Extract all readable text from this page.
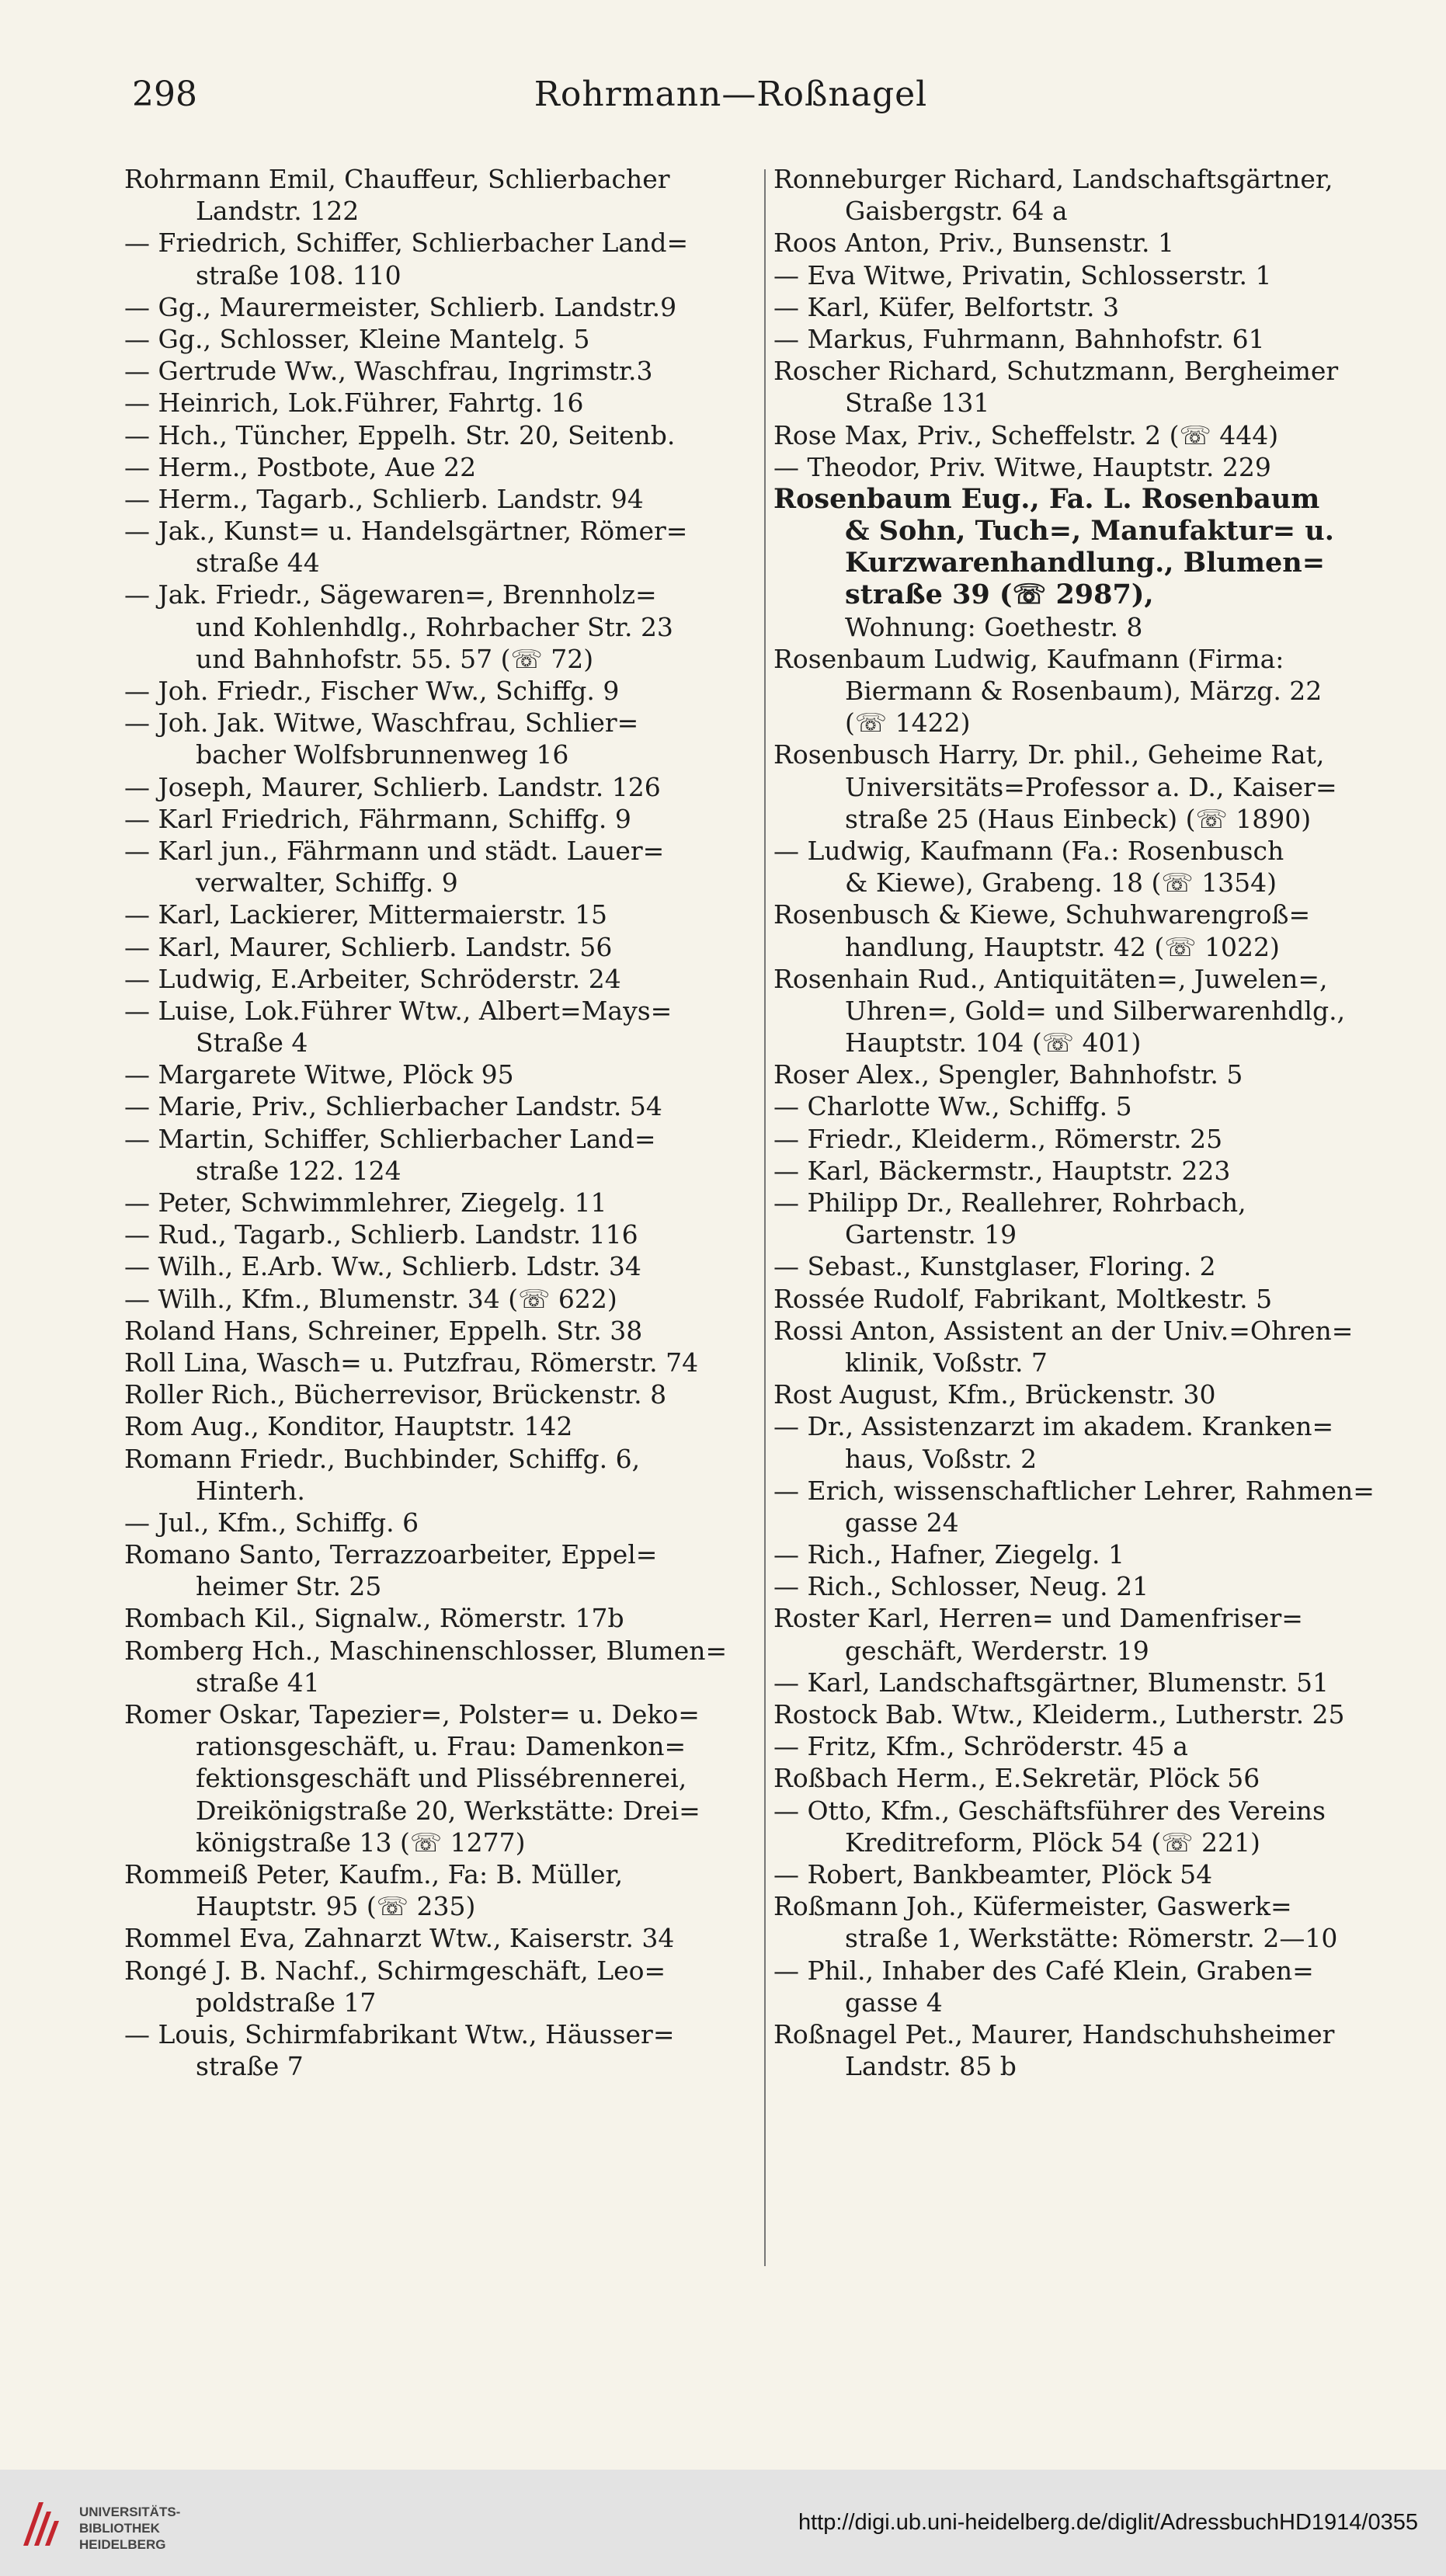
298	Rohrmann—Roßnagel
Rohrmann Emil, Chauffeur, Schlierbacher
Landstr. 122
— Friedrich, Schiffer, Schlierbacher Land=
straße 108. 110
— Gg., Maurermeister, Schlierb. Landstr.9
— Gg., Schlosser, Kleine Mantelg. 5
— Gertrude Ww., Waschfrau, Ingrimstr.3
— Heinrich, Lok.Führer, Fahrtg. 16
— Hch., Tüncher, Eppelh. Str. 20, Seitenb.
— Herm., Postbote, Aue 22
— Herm., Tagarb., Schlierb. Landstr. 94
— Jak., Kunst= u. Handelsgärtner, Römer=
straße 44
— Jak. Friedr., Sägewaren=, Brennholz=
und Kohlenhdlg., Rohrbacher Str. 23
und Bahnhofstr. 55. 57 (☏ 72)
— Joh. Friedr., Fischer Ww., Schiffg. 9
— Joh. Jak. Witwe, Waschfrau, Schlier=
bacher Wolfsbrunnenweg 16
— Joseph, Maurer, Schlierb. Landstr. 126
— Karl Friedrich, Fährmann, Schiffg. 9
— Karl jun., Fährmann und städt. Lauer=
verwalter, Schiffg. 9
— Karl, Lackierer, Mittermaierstr. 15
— Karl, Maurer, Schlierb. Landstr. 56
— Ludwig, E.Arbeiter, Schröderstr. 24
— Luise, Lok.Führer Wtw., Albert=Mays=
Straße 4
— Margarete Witwe, Plöck 95
— Marie, Priv., Schlierbacher Landstr. 54
— Martin, Schiffer, Schlierbacher Land=
straße 122. 124
— Peter, Schwimmlehrer, Ziegelg. 11
— Rud., Tagarb., Schlierb. Landstr. 116
— Wilh., E.Arb. Ww., Schlierb. Ldstr. 34
— Wilh., Kfm., Blumenstr. 34 (☏ 622)
Roland Hans, Schreiner, Eppelh. Str. 38
Roll Lina, Wasch= u. Putzfrau, Römerstr. 74
Roller Rich., Bücherrevisor, Brückenstr. 8
Rom Aug., Konditor, Hauptstr. 142
Romann Friedr., Buchbinder, Schiffg. 6,
Hinterh.
— Jul., Kfm., Schiffg. 6
Romano Santo, Terrazzoarbeiter, Eppel=
heimer Str. 25
Rombach Kil., Signalw., Römerstr. 17b
Romberg Hch., Maschinenschlosser, Blumen=
straße 41
Romer Oskar, Tapezier=, Polster= u. Deko=
rationsgeschäft, u. Frau: Damenkon=
fektionsgeschäft und Plissébrennerei,
Dreikönigstraße 20, Werkstätte: Drei=
königstraße 13 (☏ 1277)
Rommeiß Peter, Kaufm., Fa: B. Müller,
Hauptstr. 95 (☏ 235)
Rommel Eva, Zahnarzt Wtw., Kaiserstr. 34
Rongé J. B. Nachf., Schirmgeschäft, Leo=
poldstraße 17
— Louis, Schirmfabrikant Wtw., Häusser=
straße 7
Ronneburger Richard, Landschaftsgärtner,
Gaisbergstr. 64 a
Roos Anton, Priv., Bunsenstr. 1
— Eva Witwe, Privatin, Schlosserstr. 1
— Karl, Küfer, Belfortstr. 3
— Markus, Fuhrmann, Bahnhofstr. 61
Roscher Richard, Schutzmann, Bergheimer
Straße 131
Rose Max, Priv., Scheffelstr. 2 (☏ 444)
— Theodor, Priv. Witwe, Hauptstr. 229
Rosenbaum Eug., Fa. L. Rosenbaum
& Sohn, Tuch=, Manufaktur= u.
Kurzwarenhandlung., Blumen=
straße 39 (☏ 2987),
Wohnung: Goethestr. 8
Rosenbaum Ludwig, Kaufmann (Firma:
Biermann & Rosenbaum), Märzg. 22
(☏ 1422)
Rosenbusch Harry, Dr. phil., Geheime Rat,
Universitäts=Professor a. D., Kaiser=
straße 25 (Haus Einbeck) (☏ 1890)
— Ludwig, Kaufmann (Fa.: Rosenbusch
& Kiewe), Grabeng. 18 (☏ 1354)
Rosenbusch & Kiewe, Schuhwarengroß=
handlung, Hauptstr. 42 (☏ 1022)
Rosenhain Rud., Antiquitäten=, Juwelen=,
Uhren=, Gold= und Silberwarenhdlg.,
Hauptstr. 104 (☏ 401)
Roser Alex., Spengler, Bahnhofstr. 5
— Charlotte Ww., Schiffg. 5
— Friedr., Kleiderm., Römerstr. 25
— Karl, Bäckermstr., Hauptstr. 223
— Philipp Dr., Reallehrer, Rohrbach,
Gartenstr. 19
— Sebast., Kunstglaser, Floring. 2
Rossée Rudolf, Fabrikant, Moltkestr. 5
Rossi Anton, Assistent an der Univ.=Ohren=
klinik, Voßstr. 7
Rost August, Kfm., Brückenstr. 30
— Dr., Assistenzarzt im akadem. Kranken=
haus, Voßstr. 2
— Erich, wissenschaftlicher Lehrer, Rahmen=
gasse 24
— Rich., Hafner, Ziegelg. 1
— Rich., Schlosser, Neug. 21
Roster Karl, Herren= und Damenfriser=
geschäft, Werderstr. 19
— Karl, Landschaftsgärtner, Blumenstr. 51
Rostock Bab. Wtw., Kleiderm., Lutherstr. 25
— Fritz, Kfm., Schröderstr. 45 a
Roßbach Herm., E.Sekretär, Plöck 56
— Otto, Kfm., Geschäftsführer des Vereins
Kreditreform, Plöck 54 (☏ 221)
— Robert, Bankbeamter, Plöck 54
Roßmann Joh., Küfermeister, Gaswerk=
straße 1, Werkstätte: Römerstr. 2—10
— Phil., Inhaber des Café Klein, Graben=
gasse 4
Roßnagel Pet., Maurer, Handschuhsheimer
Landstr. 85 b
UNIVERSITÄTS-
BIBLIOTHEK
HEIDELBERG
http://digi.ub.uni-heidelberg.de/diglit/AdressbuchHD1914/0355
